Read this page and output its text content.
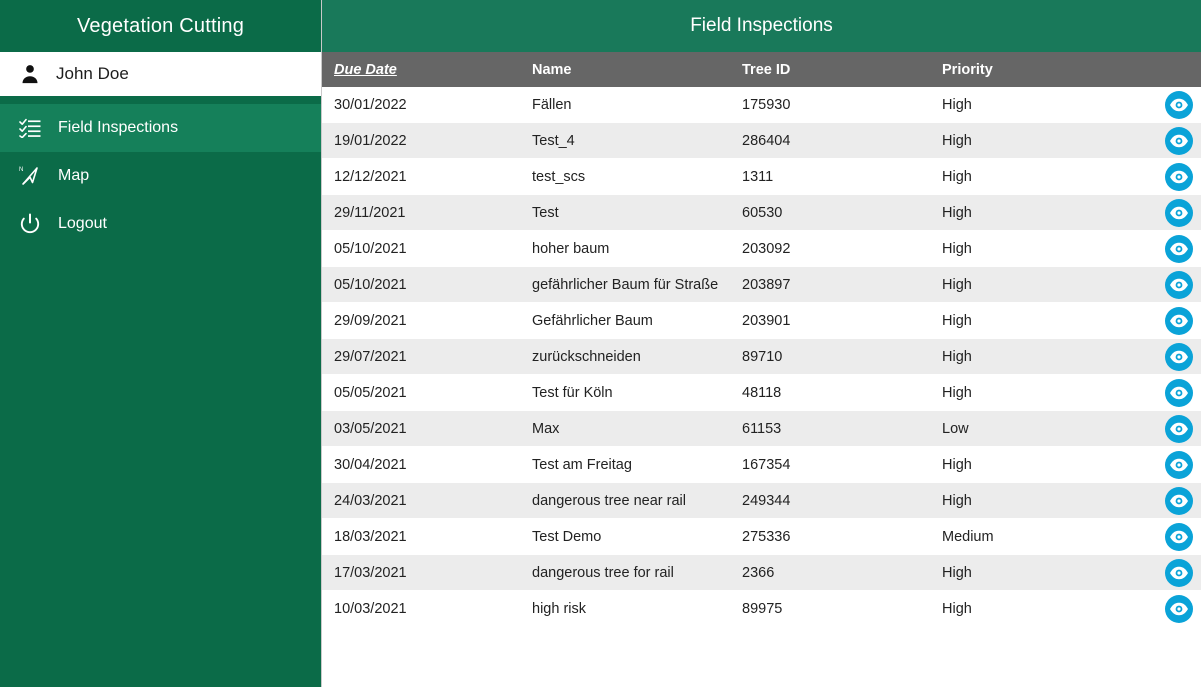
Vegetation Cutting
John Doe
Field Inspections
N Map
Logout
Field Inspections
Due Date	Name	Tree ID	Priority
30/01/2022	Fällen	175930	High
19/01/2022	Test_4	286404	High
12/12/2021	test_scs	1311	High
29/11/2021	Test	60530	High
05/10/2021	hoher baum	203092	High
05/10/2021	gefährlicher Baum für Straße	203897	High
29/09/2021	Gefährlicher Baum	203901	High
29/07/2021	zurückschneiden	89710	High
05/05/2021	Test für Köln	48118	High
03/05/2021	Max	61153	Low
30/04/2021	Test am Freitag	167354	High
24/03/2021	dangerous tree near rail	249344	High
18/03/2021	Test Demo	275336	Medium
17/03/2021	dangerous tree for rail	2366	High
10/03/2021	high risk	89975	High
